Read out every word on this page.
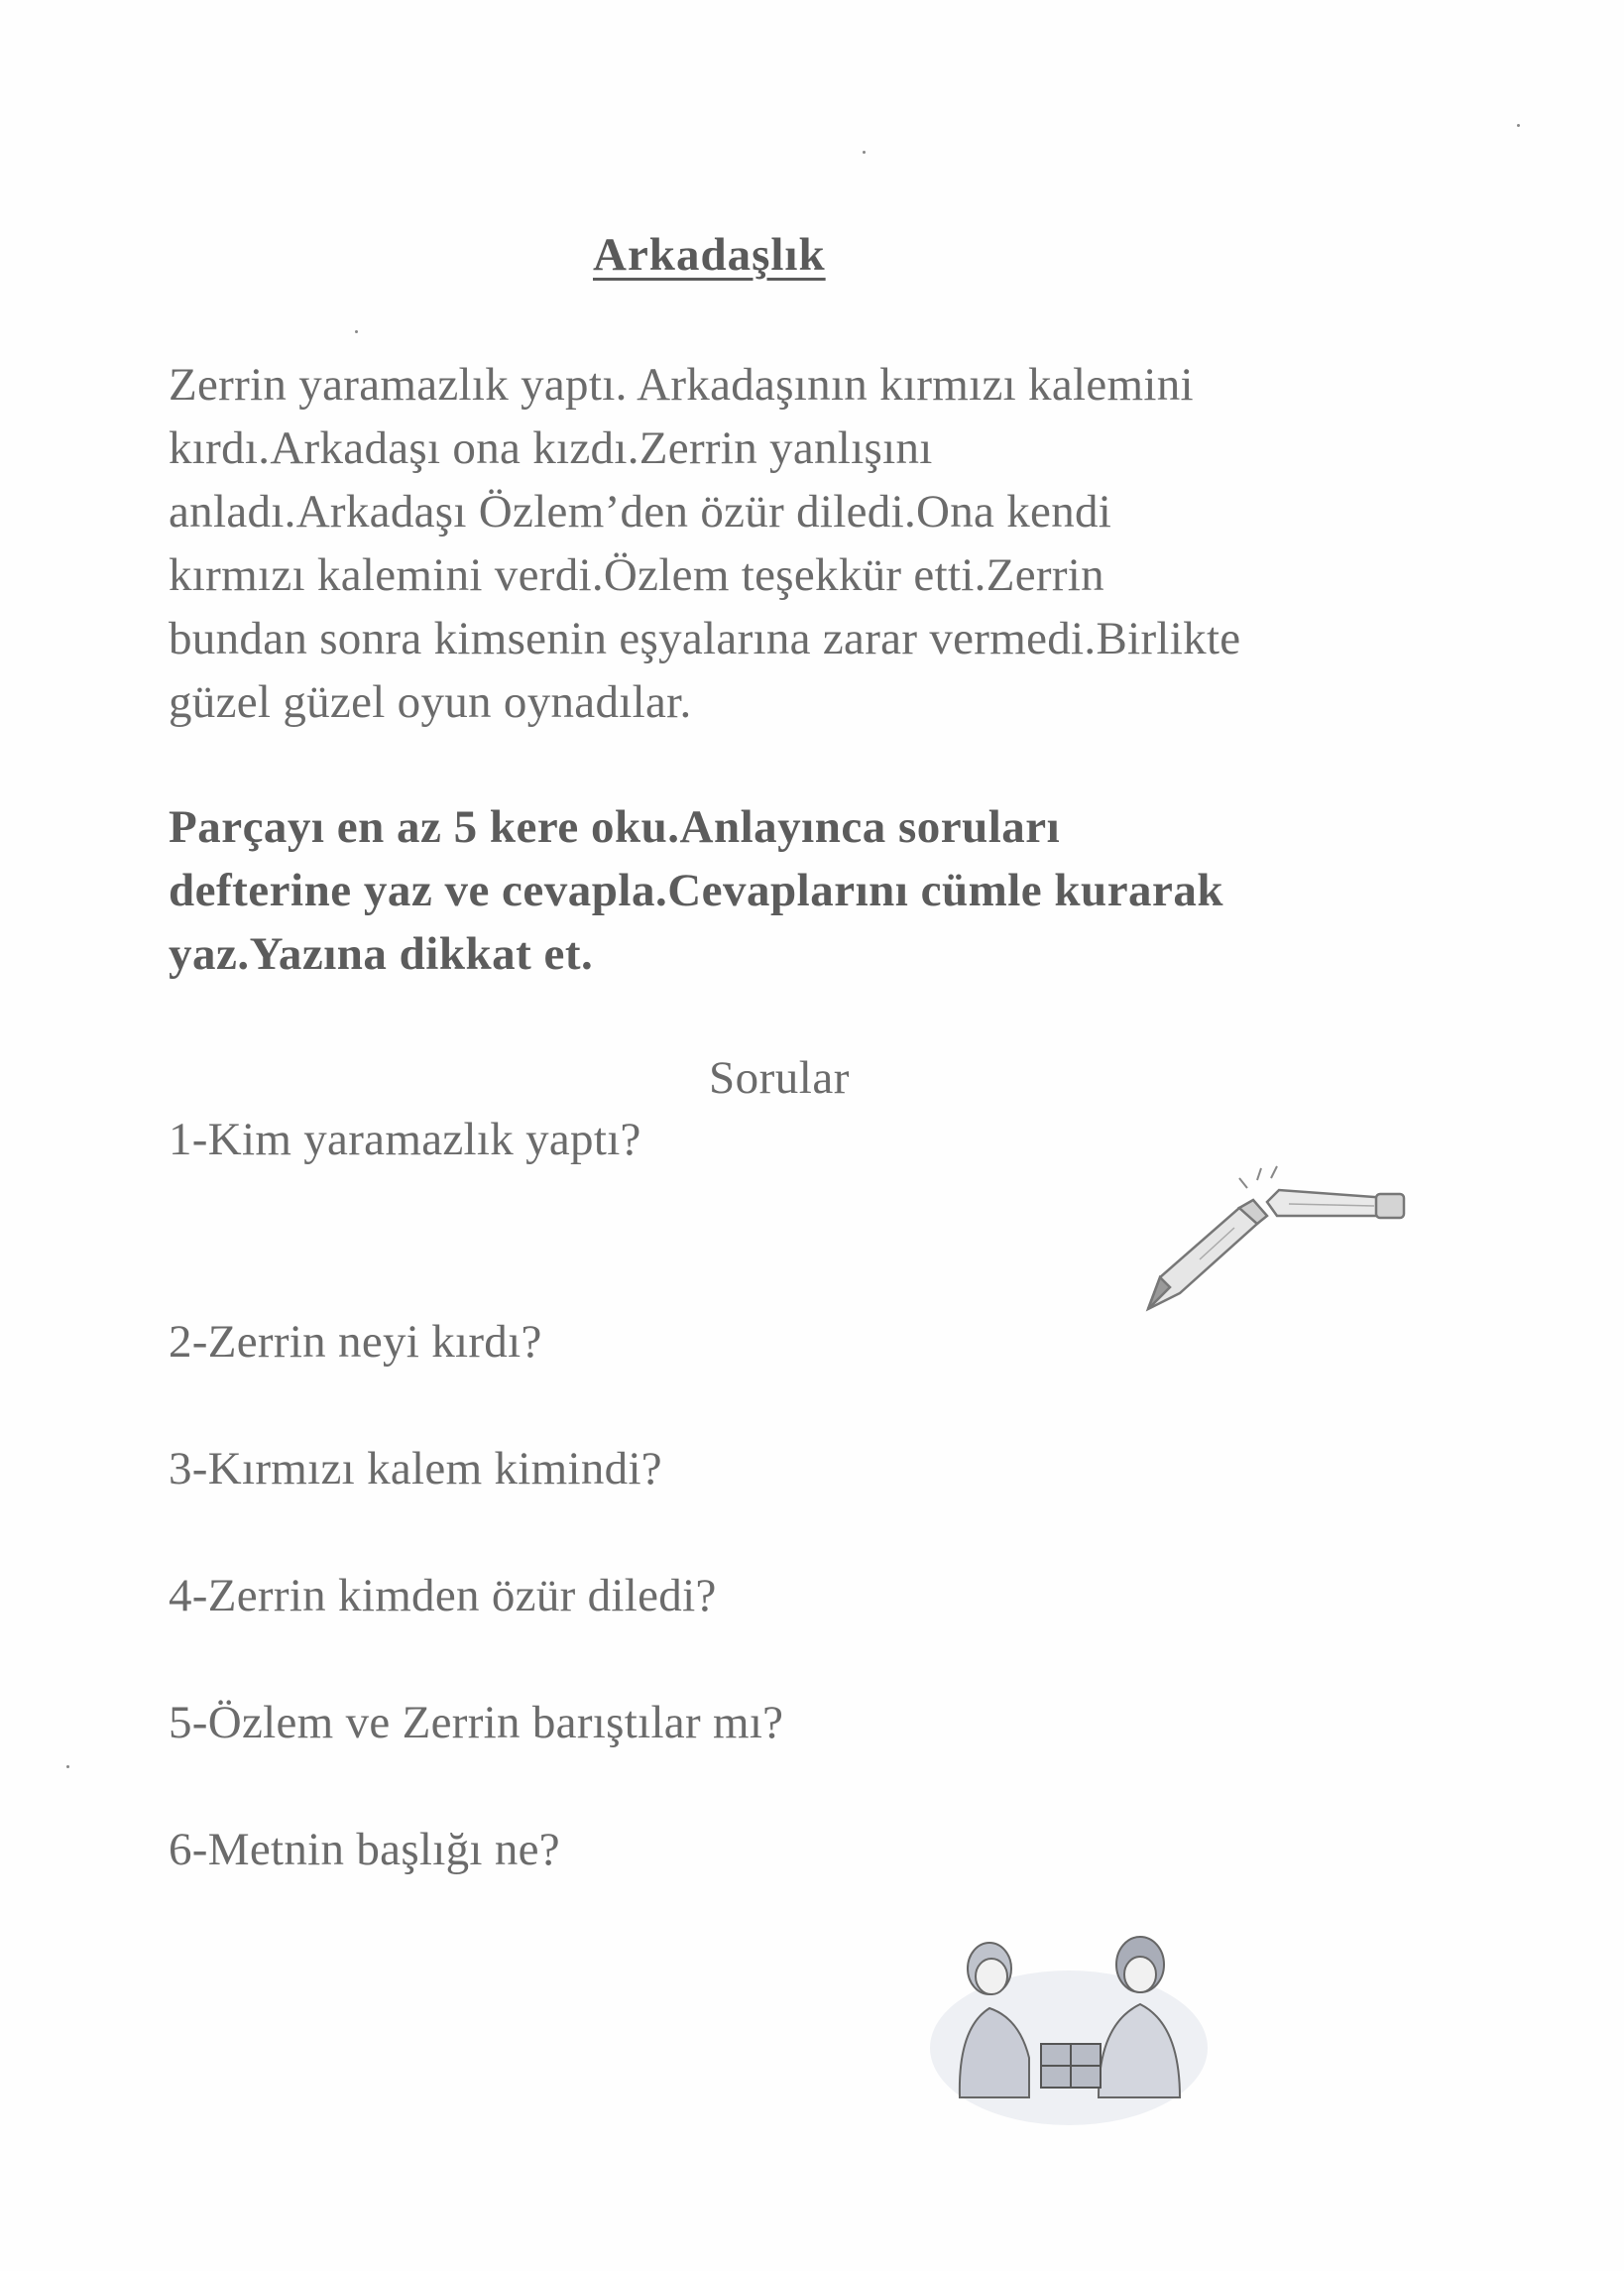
Arkadaşlık
Zerrin yaramazlık yaptı. Arkadaşının kırmızı kalemini
kırdı.Arkadaşı ona kızdı.Zerrin yanlışını
anladı.Arkadaşı Özlem’den özür diledi.Ona kendi
kırmızı kalemini verdi.Özlem teşekkür etti.Zerrin
bundan sonra kimsenin eşyalarına zarar vermedi.Birlikte
güzel güzel oyun oynadılar.
Parçayı en az 5 kere oku.Anlayınca soruları
defterine yaz ve cevapla.Cevaplarını cümle kurarak
yaz.Yazına dikkat et.
Sorular
1-Kim yaramazlık yaptı?
2-Zerrin neyi kırdı?
3-Kırmızı kalem kimindi?
4-Zerrin kimden özür diledi?
5-Özlem ve Zerrin barıştılar mı?
6-Metnin başlığı ne?
